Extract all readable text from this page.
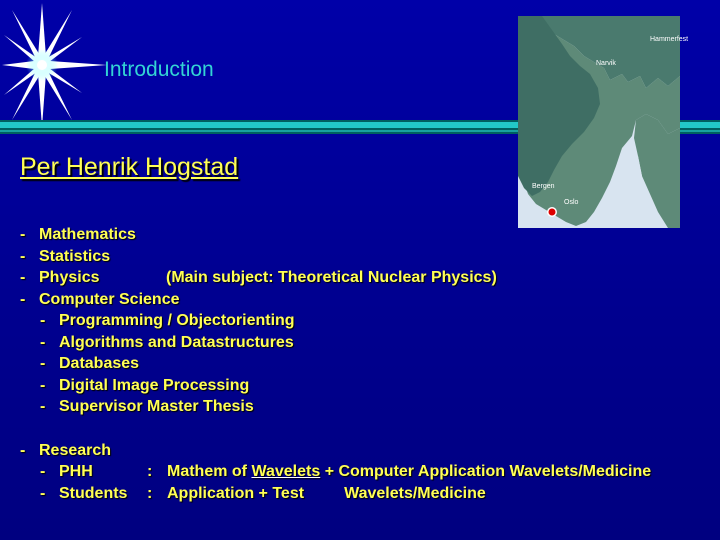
Introduction
Hammerfest
Narvik
Bergen
Oslo
Per Henrik Hogstad
- Mathematics
- Statistics
- Physics	(Main subject: Theoretical Nuclear Physics)
- Computer Science
- Programming / Objectorienting
- Algorithms and Datastructures
- Databases
- Digital Image Processing
- Supervisor Master Thesis
- Research
- PHH	: Mathem of Wavelets + Computer Application Wavelets/Medicine
- Students : Application + Test	Wavelets/Medicine
